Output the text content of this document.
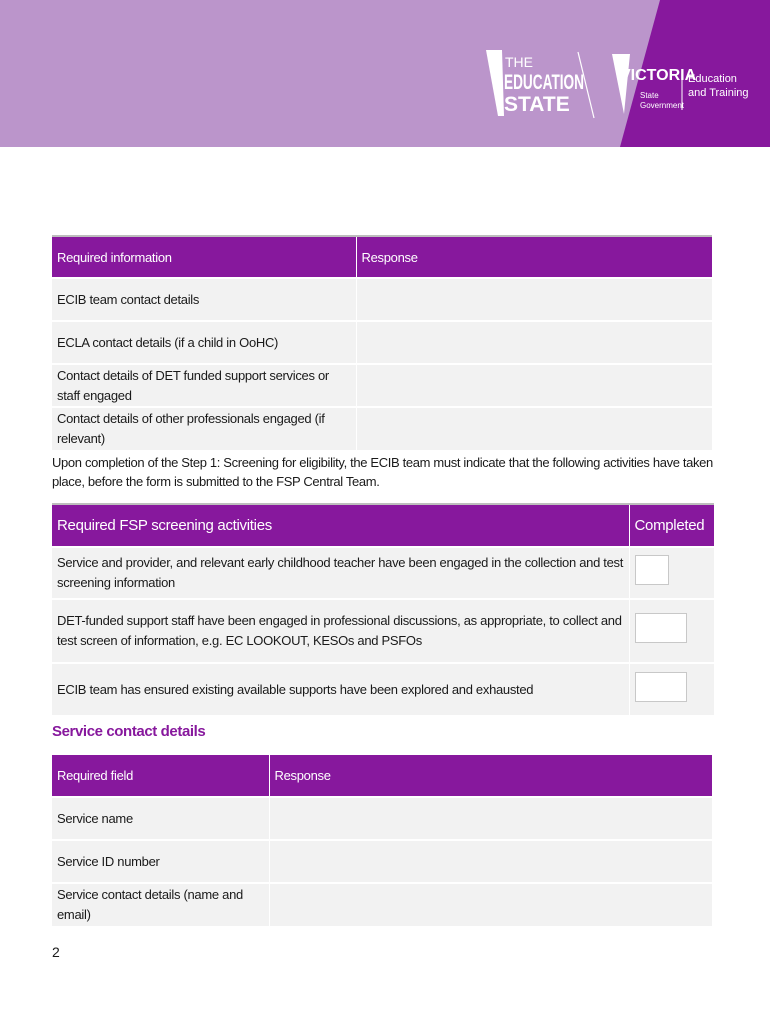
THE
EDUCATION
STATE
VICTORIA
State
Government
Education
and Training
Required information	Response
ECIB team contact details	
ECLA contact details (if a child in OoHC)	
Contact details of DET funded support services or staff engaged	
Contact details of other professionals engaged (if relevant)	

Upon completion of the Step 1: Screening for eligibility, the ECIB team must indicate that the following activities have taken place, before the form is submitted to the FSP Central Team.

Required FSP screening activities	Completed
Service and provider, and relevant early childhood teacher have been engaged in the collection and test screening information	
DET-funded support staff have been engaged in professional discussions, as appropriate, to collect and test screen of information, e.g. EC LOOKOUT, KESOs and PSFOs	
ECIB team has ensured existing available supports have been explored and exhausted	
Service contact details
Required field	Response
Service name	
Service ID number	
Service contact details (name and email)	
2
